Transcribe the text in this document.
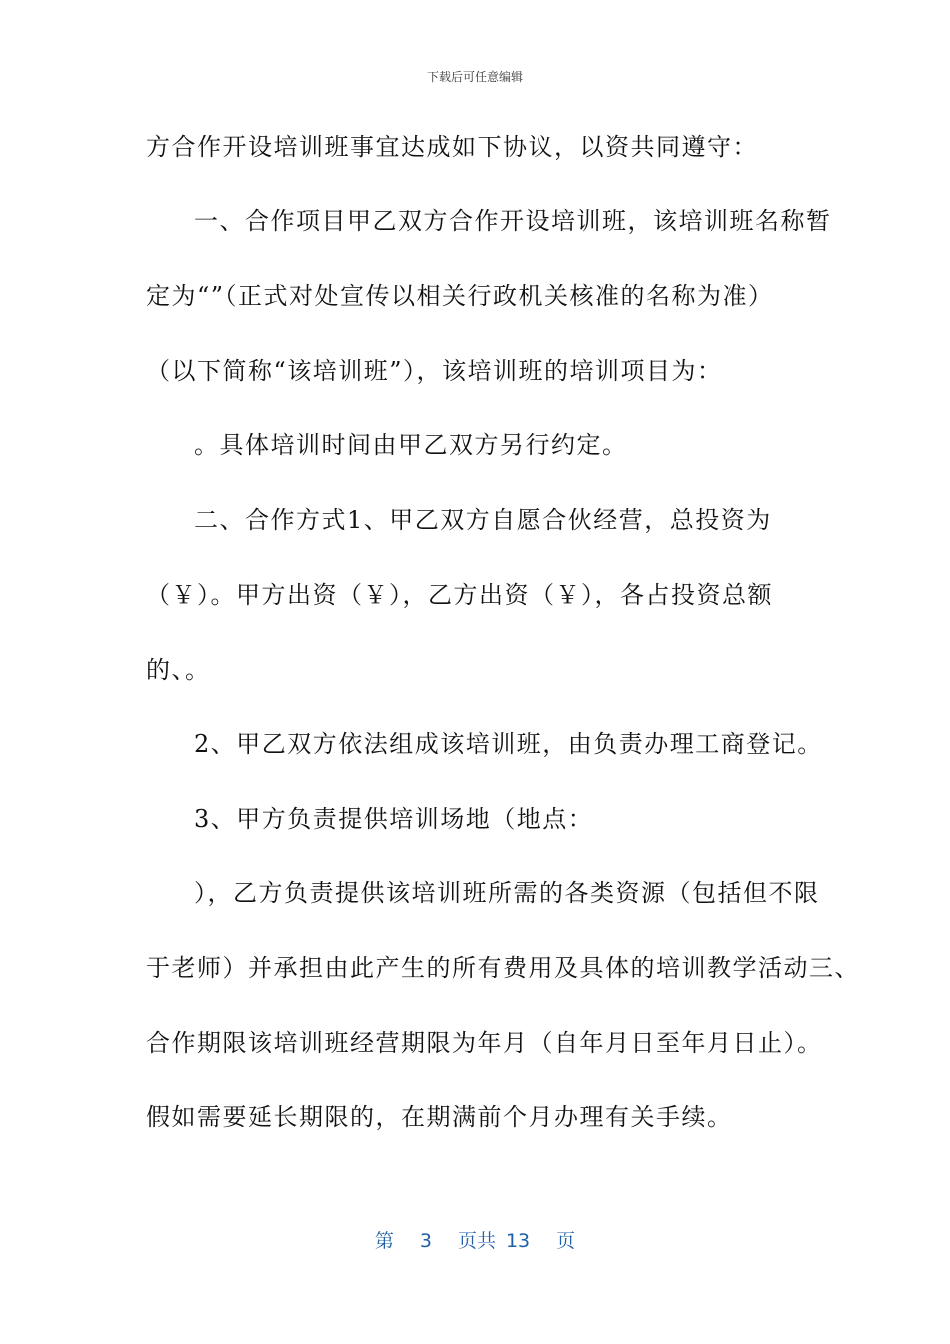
下载后可任意编辑
方合作开设培训班事宜达成如下协议，以资共同遵守：
一、合作项目甲乙双方合作开设培训班，该培训班名称暂
定为“”（正式对处宣传以相关行政机关核准的名称为准）
（以下简称“该培训班”），该培训班的培训项目为：
。具体培训时间由甲乙双方另行约定。
二、合作方式1、甲乙双方自愿合伙经营，总投资为
（￥）。甲方出资（￥），乙方出资（￥），各占投资总额
的、。
2、甲乙双方依法组成该培训班，由负责办理工商登记。
3、甲方负责提供培训场地（地点：
），乙方负责提供该培训班所需的各类资源（包括但不限
于老师）并承担由此产生的所有费用及具体的培训教学活动三、
合作期限该培训班经营期限为年月（自年月日至年月日止）。
假如需要延长期限的，在期满前个月办理有关手续。
第 3 页共 13 页
